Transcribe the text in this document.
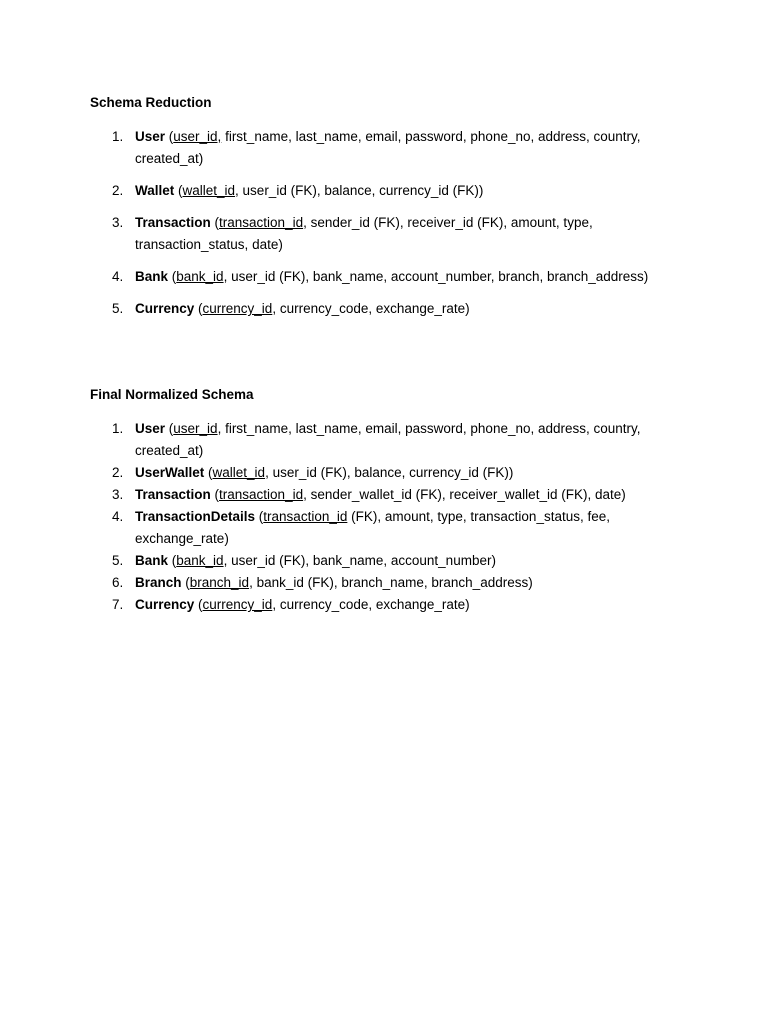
Schema Reduction
1. User (user_id, first_name, last_name, email, password, phone_no, address, country, created_at)
2. Wallet (wallet_id, user_id (FK), balance, currency_id (FK))
3. Transaction (transaction_id, sender_id (FK), receiver_id (FK), amount, type, transaction_status, date)
4. Bank (bank_id, user_id (FK), bank_name, account_number, branch, branch_address)
5. Currency (currency_id, currency_code, exchange_rate)
Final Normalized Schema
1. User (user_id, first_name, last_name, email, password, phone_no, address, country, created_at)
2. UserWallet (wallet_id, user_id (FK), balance, currency_id (FK))
3. Transaction (transaction_id, sender_wallet_id (FK), receiver_wallet_id (FK), date)
4. TransactionDetails (transaction_id (FK), amount, type, transaction_status, fee, exchange_rate)
5. Bank (bank_id, user_id (FK), bank_name, account_number)
6. Branch (branch_id, bank_id (FK), branch_name, branch_address)
7. Currency (currency_id, currency_code, exchange_rate)
